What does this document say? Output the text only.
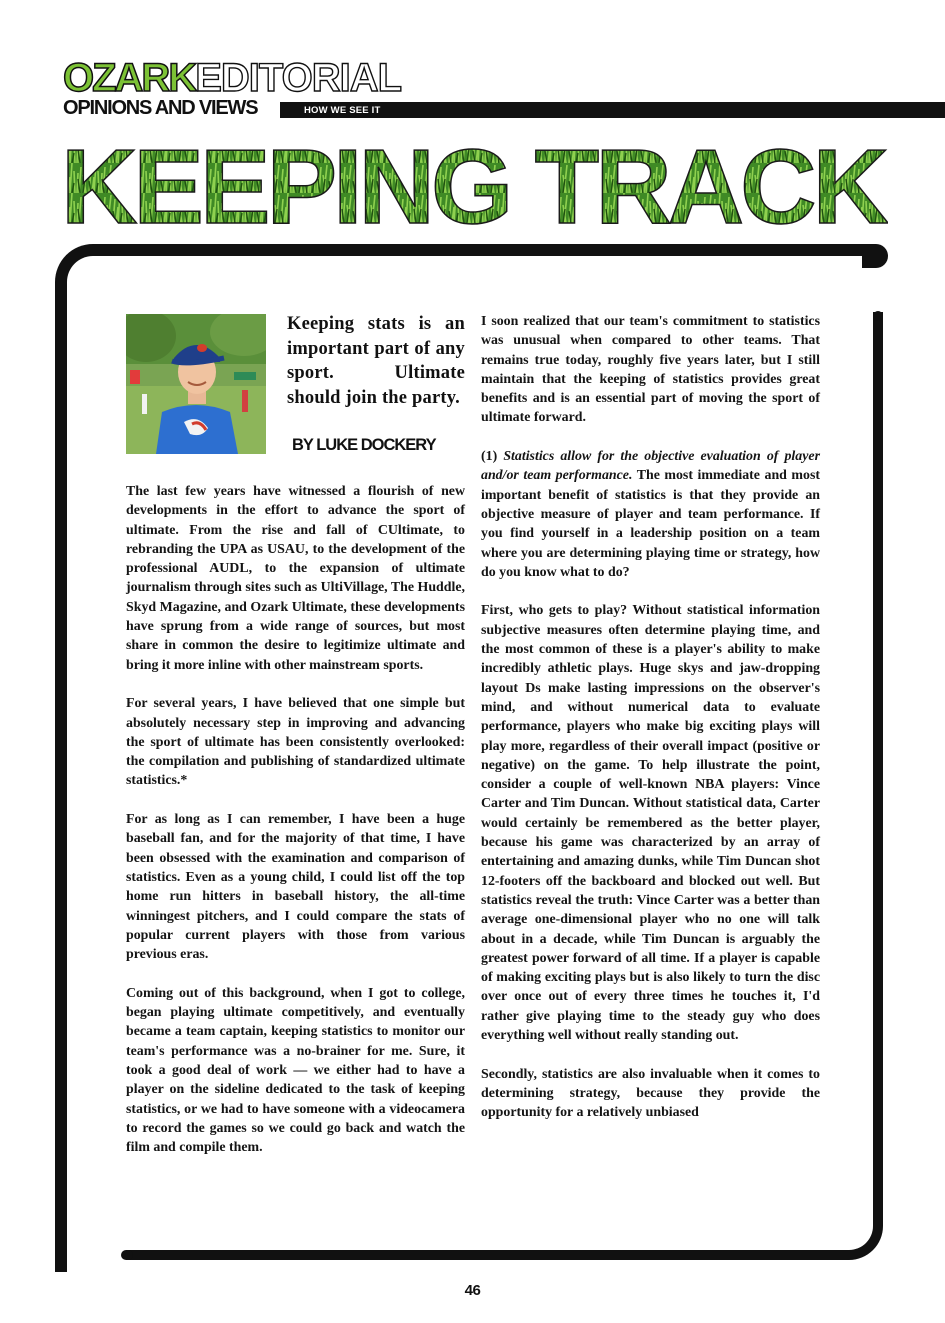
OZARK EDITORIAL
OPINIONS AND VIEWS	HOW WE SEE IT
KEEPING TRACK
Keeping stats is an important part of any sport. Ultimate should join the party.
BY LUKE DOCKERY

The last few years have witnessed a flourish of new developments in the effort to advance the sport of ultimate. From the rise and fall of CUltimate, to rebranding the UPA as USAU, to the development of the professional AUDL, to the expansion of ultimate journalism through sites such as UltiVillage, The Huddle, Skyd Magazine, and Ozark Ultimate, these developments have sprung from a wide range of sources, but most share in common the desire to legitimize ultimate and bring it more inline with other mainstream sports.

For several years, I have believed that one simple but absolutely necessary step in improving and advancing the sport of ultimate has been consistently overlooked: the compilation and publishing of standardized ultimate statistics.*

For as long as I can remember, I have been a huge baseball fan, and for the majority of that time, I have been obsessed with the examination and comparison of statistics. Even as a young child, I could list off the top home run hitters in baseball history, the all-time winningest pitchers, and I could compare the stats of popular current players with those from various previous eras.

Coming out of this background, when I got to college, began playing ultimate competitively, and eventually became a team captain, keeping statistics to monitor our team's performance was a no-brainer for me. Sure, it took a good deal of work — we either had to have a player on the sideline dedicated to the task of keeping statistics, or we had to have someone with a videocamera to record the games so we could go back and watch the film and compile them.

I soon realized that our team's commitment to statistics was unusual when compared to other teams. That remains true today, roughly five years later, but I still maintain that the keeping of statistics provides great benefits and is an essential part of moving the sport of ultimate forward.

(1) Statistics allow for the objective evaluation of player and/or team performance. The most immediate and most important benefit of statistics is that they provide an objective measure of player and team performance. If you find yourself in a leadership position on a team where you are determining playing time or strategy, how do you know what to do?

First, who gets to play? Without statistical information subjective measures often determine playing time, and the most common of these is a player's ability to make incredibly athletic plays. Huge skys and jaw-dropping layout Ds make lasting impressions on the observer's mind, and without numerical data to evaluate performance, players who make big exciting plays will play more, regardless of their overall impact (positive or negative) on the game. To help illustrate the point, consider a couple of well-known NBA players: Vince Carter and Tim Duncan. Without statistical data, Carter would certainly be remembered as the better player, because his game was characterized by an array of entertaining and amazing dunks, while Tim Duncan shot 12-footers off the backboard and blocked out well. But statistics reveal the truth: Vince Carter was a better than average one-dimensional player who no one will talk about in a decade, while Tim Duncan is arguably the greatest power forward of all time. If a player is capable of making exciting plays but is also likely to turn the disc over once out of every three times he touches it, I'd rather give playing time to the steady guy who does everything well without really standing out.

Secondly, statistics are also invaluable when it comes to determining strategy, because they provide the opportunity for a relatively unbiased

46
